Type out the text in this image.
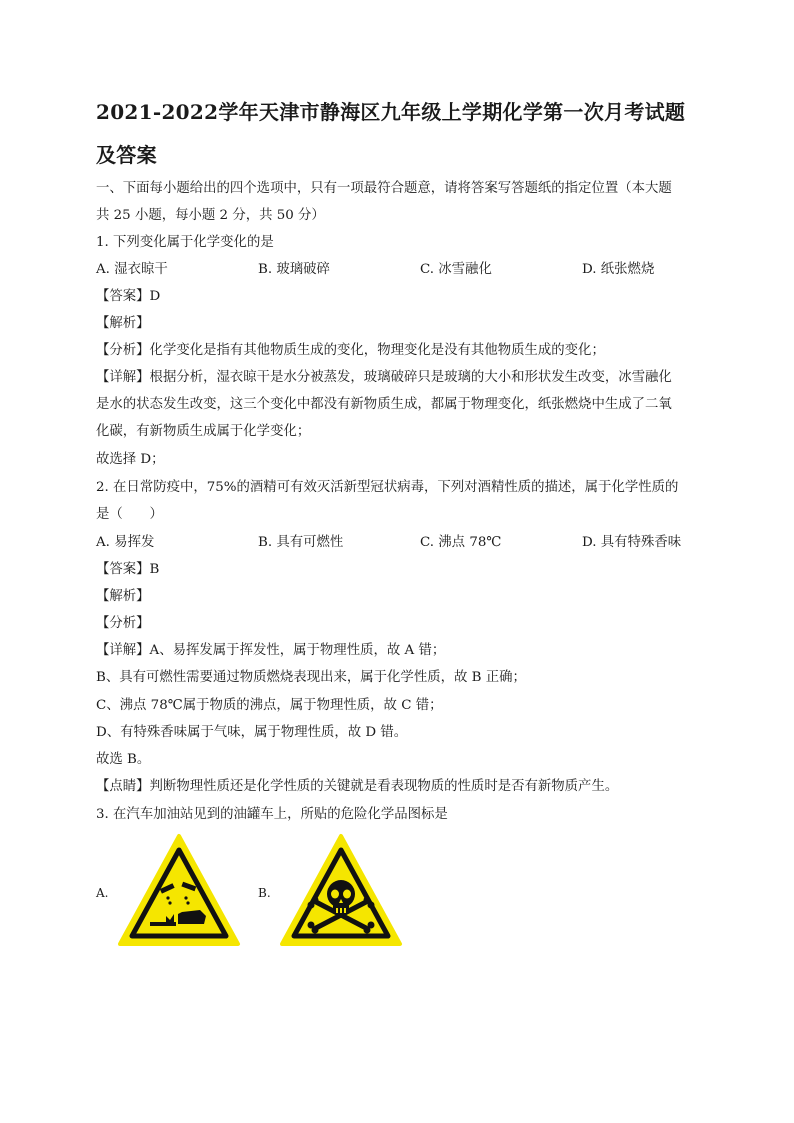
2021-2022学年天津市静海区九年级上学期化学第一次月考试题
及答案
一、下面每小题给出的四个选项中，只有一项最符合题意，请将答案写答题纸的指定位置（本大题
共 25 小题，每小题 2 分，共 50 分）
1. 下列变化属于化学变化的是
A. 湿衣晾干	B. 玻璃破碎	C. 冰雪融化	D. 纸张燃烧
【答案】D
【解析】
【分析】化学变化是指有其他物质生成的变化，物理变化是没有其他物质生成的变化；
【详解】根据分析，湿衣晾干是水分被蒸发，玻璃破碎只是玻璃的大小和形状发生改变，冰雪融化
是水的状态发生改变，这三个变化中都没有新物质生成，都属于物理变化，纸张燃烧中生成了二氧
化碳，有新物质生成属于化学变化；
故选择 D；
2. 在日常防疫中，75%的酒精可有效灭活新型冠状病毒，下列对酒精性质的描述，属于化学性质的
是（　　）
A. 易挥发	B. 具有可燃性	C. 沸点 78℃	D. 具有特殊香味
【答案】B
【解析】
【分析】
【详解】A、易挥发属于挥发性，属于物理性质，故 A 错；
B、具有可燃性需要通过物质燃烧表现出来，属于化学性质，故 B 正确；
C、沸点 78℃属于物质的沸点，属于物理性质，故 C 错；
D、有特殊香味属于气味，属于物理性质，故 D 错。
故选 B。
【点睛】判断物理性质还是化学性质的关键就是看表现物质的性质时是否有新物质产生。
3. 在汽车加油站见到的油罐车上，所贴的危险化学品图标是
A.	B.
